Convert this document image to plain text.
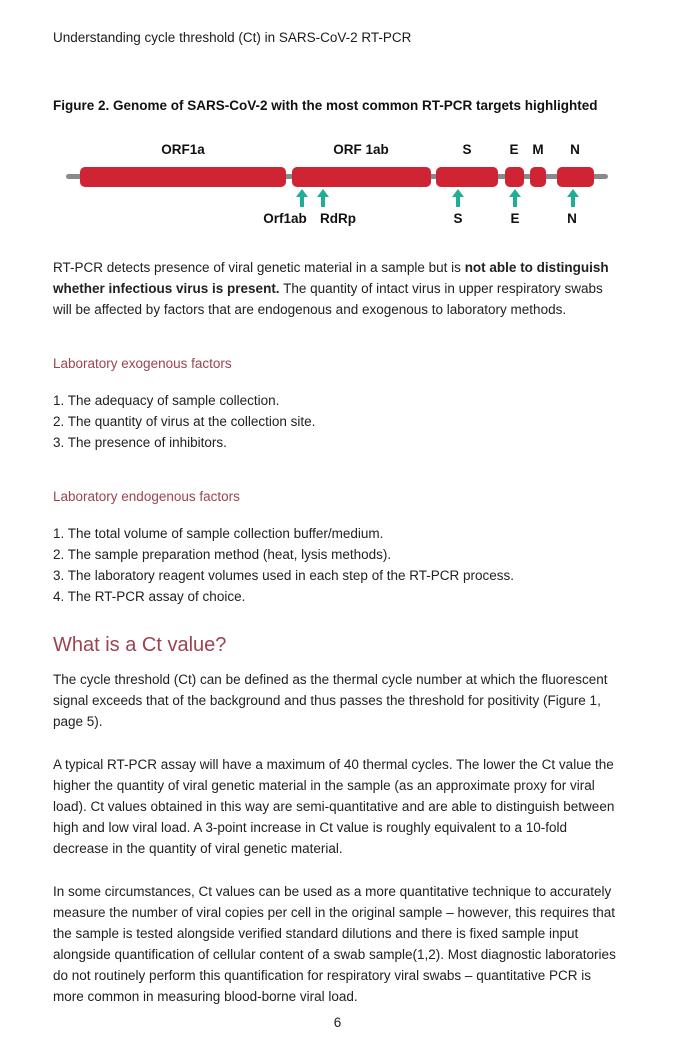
Understanding cycle threshold (Ct) in SARS-CoV-2 RT-PCR
Figure 2. Genome of SARS-CoV-2 with the most common RT-PCR targets highlighted
ORF1a	ORF 1ab	S	E M N
Orf1ab RdRp	S	E	N
RT-PCR detects presence of viral genetic material in a sample but is not able to distinguish whether infectious virus is present. The quantity of intact virus in upper respiratory swabs will be affected by factors that are endogenous and exogenous to laboratory methods.
Laboratory exogenous factors
1. The adequacy of sample collection.
2. The quantity of virus at the collection site.
3. The presence of inhibitors.
Laboratory endogenous factors
1. The total volume of sample collection buffer/medium.
2. The sample preparation method (heat, lysis methods).
3. The laboratory reagent volumes used in each step of the RT-PCR process.
4. The RT-PCR assay of choice.
What is a Ct value?
The cycle threshold (Ct) can be defined as the thermal cycle number at which the fluorescent signal exceeds that of the background and thus passes the threshold for positivity (Figure 1, page 5).
A typical RT-PCR assay will have a maximum of 40 thermal cycles. The lower the Ct value the higher the quantity of viral genetic material in the sample (as an approximate proxy for viral load). Ct values obtained in this way are semi-quantitative and are able to distinguish between high and low viral load. A 3-point increase in Ct value is roughly equivalent to a 10-fold decrease in the quantity of viral genetic material.
In some circumstances, Ct values can be used as a more quantitative technique to accurately measure the number of viral copies per cell in the original sample – however, this requires that the sample is tested alongside verified standard dilutions and there is fixed sample input alongside quantification of cellular content of a swab sample(1,2). Most diagnostic laboratories do not routinely perform this quantification for respiratory viral swabs – quantitative PCR is more common in measuring blood-borne viral load.
6
